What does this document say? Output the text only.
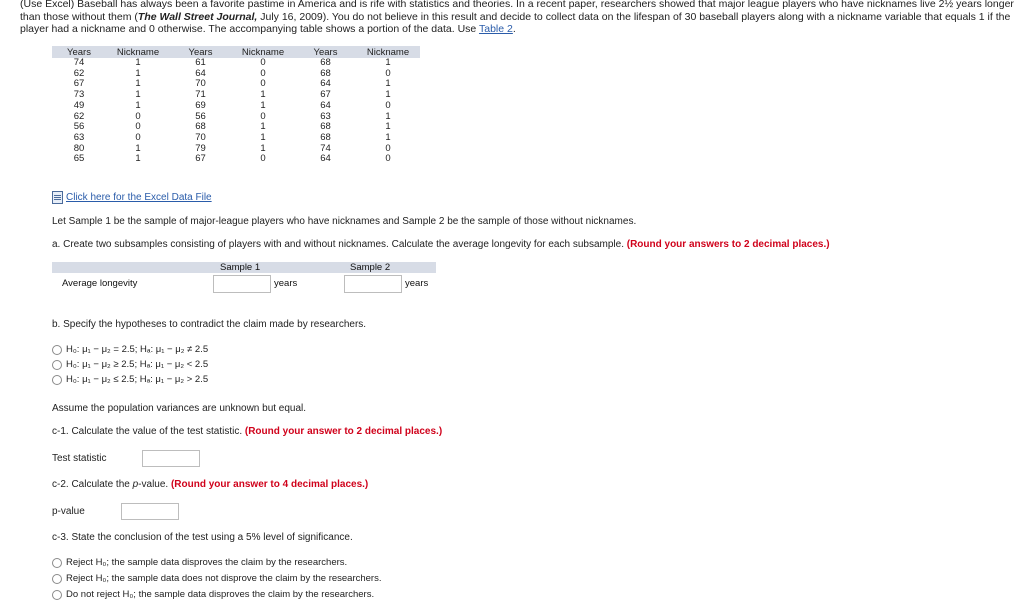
(Use Excel) Baseball has always been a favorite pastime in America and is rife with statistics and theories. In a recent paper, researchers showed that major league players who have nicknames live 2½ years longer than those without them (The Wall Street Journal, July 16, 2009). You do not believe in this result and decide to collect data on the lifespan of 30 baseball players along with a nickname variable that equals 1 if the player had a nickname and 0 otherwise. The accompanying table shows a portion of the data. Use Table 2.
Years	Nickname	Years	Nickname	Years	Nickname
74	1	61	0	68	1
62	1	64	0	68	0
67	1	70	0	64	1
73	1	71	1	67	1
49	1	69	1	64	0
62	0	56	0	63	1
56	0	68	1	68	1
63	0	70	1	68	1
80	1	79	1	74	0
65	1	67	0	64	0
Click here for the Excel Data File
Let Sample 1 be the sample of major-league players who have nicknames and Sample 2 be the sample of those without nicknames.
a. Create two subsamples consisting of players with and without nicknames. Calculate the average longevity for each subsample. (Round your answers to 2 decimal places.)
Sample 1	Sample 2
Average longevity	years	years
b. Specify the hypotheses to contradict the claim made by researchers.
H₀: μ₁ − μ₂ = 2.5; Hₐ: μ₁ − μ₂ ≠ 2.5
H₀: μ₁ − μ₂ ≥ 2.5; Hₐ: μ₁ − μ₂ < 2.5
H₀: μ₁ − μ₂ ≤ 2.5; Hₐ: μ₁ − μ₂ > 2.5
Assume the population variances are unknown but equal.
c-1. Calculate the value of the test statistic. (Round your answer to 2 decimal places.)
Test statistic
c-2. Calculate the p-value. (Round your answer to 4 decimal places.)
p-value
c-3. State the conclusion of the test using a 5% level of significance.
Reject H₀; the sample data disproves the claim by the researchers.
Reject H₀; the sample data does not disprove the claim by the researchers.
Do not reject H₀; the sample data disproves the claim by the researchers.
